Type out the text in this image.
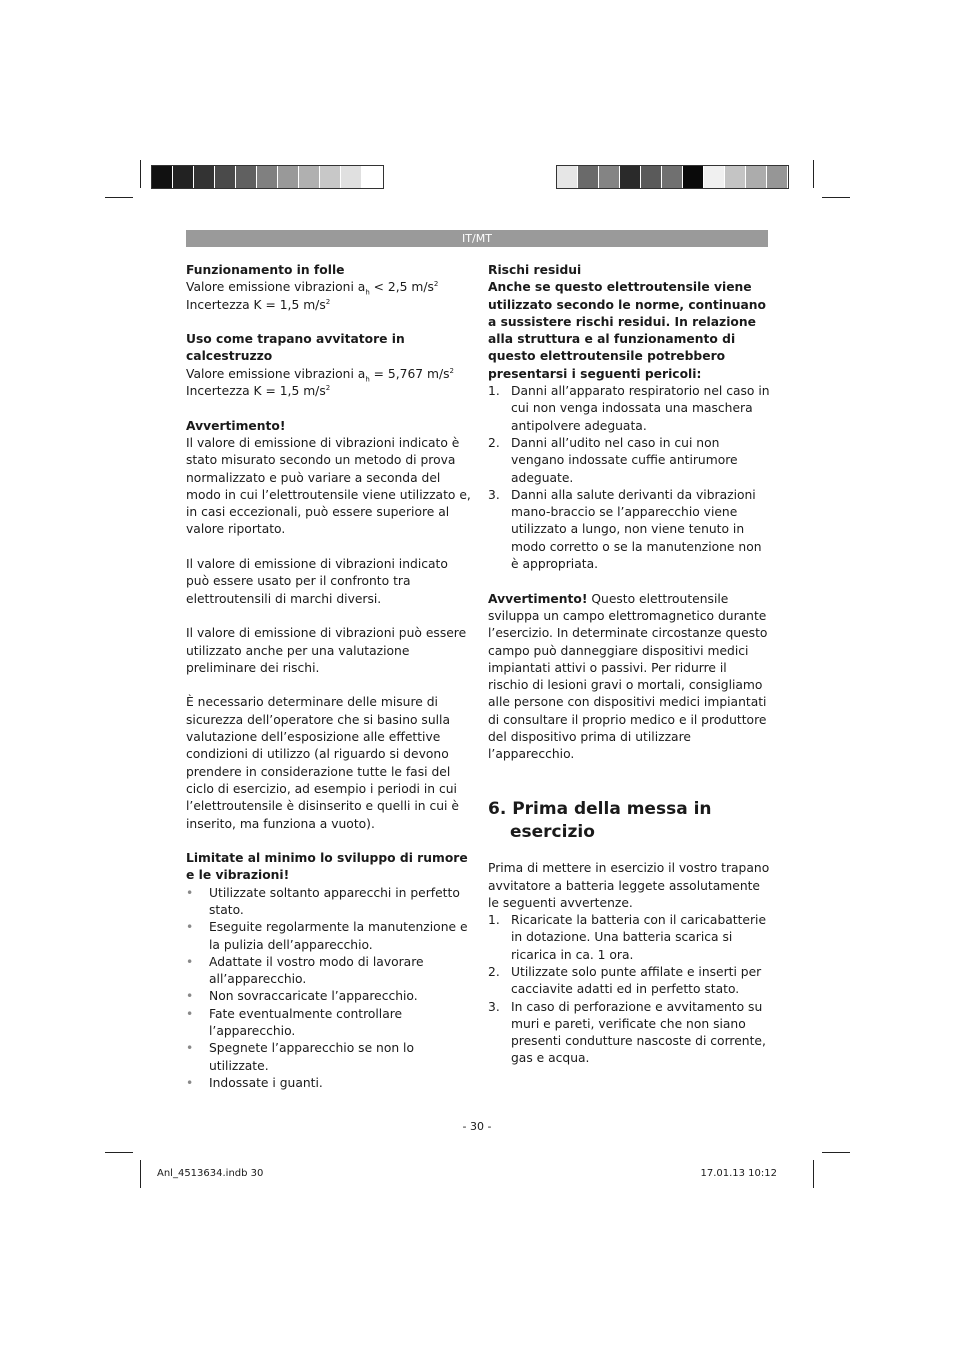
IT/MT

Funzionamento in folle

Valore emissione vibrazioni $a_h < 2,5$ $m/s^2$

Incertezza K = 1,5 $m/s^2$

Uso come trapano avvitatore in calcestruzzo

Valore emissione vibrazioni $a_h = 5,767$ $m/s^2$

Incertezza K = 1,5 $m/s^2$

Avvertimento!

Il valore di emissione di vibrazioni indicato è stato misurato secondo un metodo di prova normalizzato e può variare a seconda del modo in cui l’elettroutensile viene utilizzato e, in casi eccezionali, può essere superiore al valore riportato.

Il valore di emissione di vibrazioni indicato può essere usato per il confronto tra elettroutensili di marchi diversi.

Il valore di emissione di vibrazioni può essere utilizzato anche per una valutazione preliminare dei rischi.

È necessario determinare delle misure di sicurezza dell’operatore che si basino sulla valutazione dell’esposizione alle effettive condizioni di utilizzo (al riguardo si devono prendere in considerazione tutte le fasi del ciclo di esercizio, ad esempio i periodi in cui l’elettroutensile è disinserito e quelli in cui è inserito, ma funziona a vuoto).

Limitate al minimo lo sviluppo di rumore e le vibrazioni!

• Utilizzate soltanto apparecchi in perfetto stato.
• Eseguite regolarmente la manutenzione e la pulizia dell’apparecchio.
• Adattate il vostro modo di lavorare all’apparecchio.
• Non sovraccaricate l’apparecchio.
• Fate eventualmente controllare l’apparecchio.
• Spegnete l’apparecchio se non lo utilizzate.
• Indossate i guanti.

Rischi residui

Anche se questo elettroutensile viene utilizzato secondo le norme, continuano a sussistere rischi residui. In relazione alla struttura e al funzionamento di questo elettroutensile potrebbero presentarsi i seguenti pericoli:

1. Danni all’apparato respiratorio nel caso in cui non venga indossata una maschera antipolvere adeguata.
2. Danni all’udito nel caso in cui non vengano indossate cuffie antirumore adeguate.
3. Danni alla salute derivanti da vibrazioni mano-braccio se l’apparecchio viene utilizzato a lungo, non viene tenuto in modo corretto o se la manutenzione non è appropriata.

Avvertimento! Questo elettroutensile sviluppa un campo elettromagnetico durante l’esercizio. In determinate circostanze questo campo può danneggiare dispositivi medici impiantati attivi o passivi. Per ridurre il rischio di lesioni gravi o mortali, consigliamo alle persone con dispositivi medici impiantati di consultare il proprio medico e il produttore del dispositivo prima di utilizzare l’apparecchio.

6. Prima della messa in esercizio

Prima di mettere in esercizio il vostro trapano avvitatore a batteria leggete assolutamente le seguenti avvertenze.

1. Ricaricate la batteria con il caricabatterie in dotazione. Una batteria scarica si ricarica in ca. 1 ora.
2. Utilizzate solo punte affilate e inserti per cacciavite adatti ed in perfetto stato.
3. In caso di perforazione e avvitamento su muri e pareti, verificate che non siano presenti condutture nascoste di corrente, gas e acqua.
- 30 -
Anl_4513634.indb 30	17.01.13 10:12
